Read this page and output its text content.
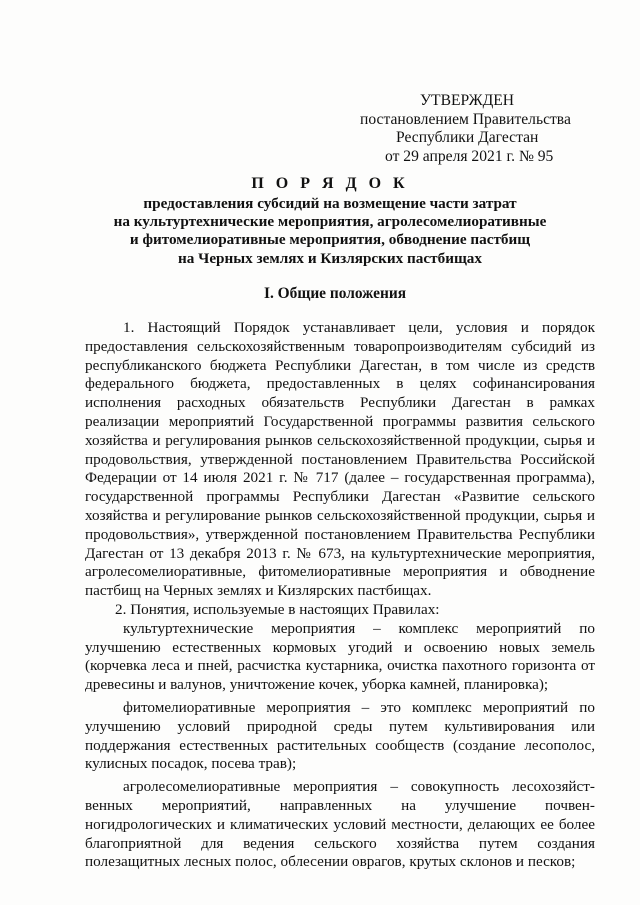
УТВЕРЖДЕН
постановлением Правительства
Республики Дагестан
от 29 апреля 2021 г. № 95
П О Р Я Д О К
предоставления субсидий на возмещение части затрат
на культуртехнические мероприятия, агролесомелиоративные
и фитомелиоративные мероприятия, обводнение пастбищ
на Черных землях и Кизлярских пастбищах
I. Общие положения

1. Настоящий Порядок устанавливает цели, условия и порядок предоставления сельскохозяйственным товаропроизводителям субсидий из республиканского бюджета Республики Дагестан, в том числе из средств федерального бюджета, предоставленных в целях софинансирования исполнения расходных обязательств Республики Дагестан в рамках реализации мероприятий Государственной программы развития сельского хозяйства и регулирования рынков сельскохозяйственной продукции, сырья и продовольствия, утвержденной постановлением Правительства Российской Федерации от 14 июля 2021 г. № 717 (далее – государственная программа), государственной программы Республики Дагестан «Развитие сельского хозяйства и регулирование рынков сельскохозяйственной продукции, сырья и продовольствия», утвержденной постановлением Правительства Республики Дагестан от 13 декабря 2013 г. № 673, на культуртехнические мероприятия, агролесомелиоративные, фитомелиоративные мероприятия и обводнение пастбищ на Черных землях и Кизлярских пастбищах.

2. Понятия, используемые в настоящих Правилах:

культуртехнические мероприятия – комплекс мероприятий по улучшению естественных кормовых угодий и освоению новых земель (корчевка леса и пней, расчистка кустарника, очистка пахотного горизонта от древесины и валунов, уничтожение кочек, уборка камней, планировка);

фитомелиоративные мероприятия – это комплекс мероприятий по улучшению условий природной среды путем культивирования или поддержания естественных растительных сообществ (создание лесополос, кулисных посадок, посева трав);

агролесомелиоративные мероприятия – совокупность лесохозяйст-венных мероприятий, направленных на улучшение почвен-ногидрологических и климатических условий местности, делающих ее более благоприятной для ведения сельского хозяйства путем создания полезащитных лесных полос, облесении оврагов, крутых склонов и песков;
